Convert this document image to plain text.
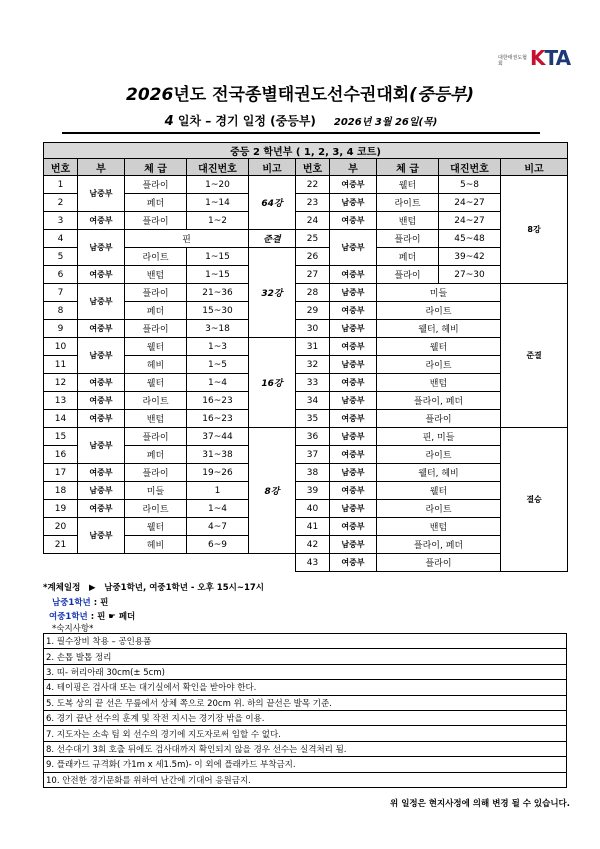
대한태권도협회	KTA
2026년도 전국종별태권도선수권대회(중등부)
4 일차 – 경기 일정 (중등부) 2026년 3월 26일(목)
중등 2 학년부 ( 1, 2, 3, 4 코트)										
번호	부	체 급	대진번호	비고	번호	부	체 급	대진번호	비고	
1	남중부	플라이	1~20	64강	22	여중부	웰터	5~8	8강	
2		페더	1~14		23	남중부	라이트	24~27		
3	여중부	플라이	1~2		24	여중부	밴텀	24~27		
4	남중부	핀		준결	25	남중부	플라이	45~48		
5		라이트	1~15	32강	26		페더	39~42		
6	여중부	밴텀	1~15		27	여중부	플라이	27~30		
7	남중부	플라이	21~36		28	남중부	미들		준결	
8		페더	15~30		29	여중부	라이트			
9	여중부	플라이	3~18		30	남중부	웰터, 헤비			
10	남중부	웰터	1~3	16강	31	여중부	웰터			
11		헤비	1~5		32	남중부	라이트			
12	여중부	웰터	1~4		33	여중부	밴텀			
13	여중부	라이트	16~23		34	남중부	플라이, 페더			
14	여중부	밴텀	16~23		35	여중부	플라이			
15	남중부	플라이	37~44	8강	36	남중부	핀, 미들		결승	
16		페더	31~38		37	여중부	라이트			
17	여중부	플라이	19~26		38	남중부	웰터, 헤비			
18	남중부	미들	1		39	여중부	웰터			
19	여중부	라이트	1~4		40	남중부	라이트			
20	남중부	웰터	4~7		41	여중부	밴텀			
21		헤비	6~9		42	남중부	플라이, 페더			
					43	여중부	플라이			
*계체일정 ▶ 남중1학년, 여중1학년 - 오후 15시~17시
남중1학년 : 핀
여중1학년 : 핀 ☛ 페더
*숙지사항*
1. 필수장비 착용 – 공인용품
2. 손톱 발톱 정리
3. 띠- 허리아래 30cm(± 5cm)
4. 테이핑은 검사대 또는 대기실에서 확인을 받아야 한다.
5. 도복 상의 끝 선은 무릎에서 상체 쪽으로 20cm 위. 하의 끝선은 발목 기준.
6. 경기 끝난 선수의 훈계 및 작전 지시는 경기장 밖을 이용.
7. 지도자는 소속 팀 외 선수의 경기에 지도자로써 임할 수 없다.
8. 선수대기 3회 호출 뒤에도 검사대까지 확인되지 않을 경우 선수는 실격처리 됨.
9. 플래카드 규격화( 가1m x 세1.5m)- 이 외에 플래카드 부착금지.
10. 안전한 경기문화를 위하여 난간에 기대어 응원금지.
위 일정은 현지사정에 의해 변경 될 수 있습니다.
